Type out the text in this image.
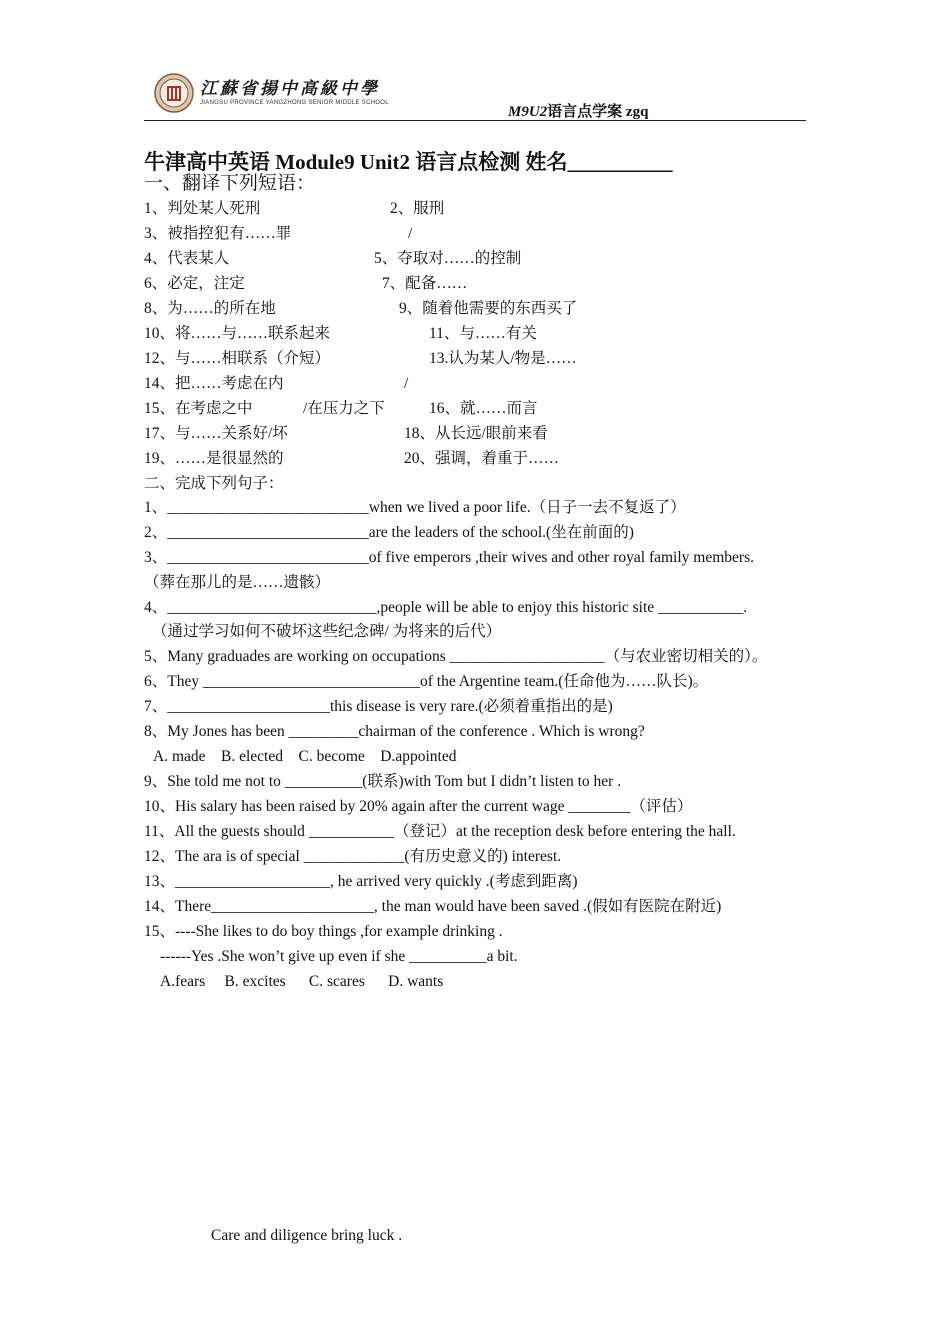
江蘇省揚中高級中學
JIANGSU PROVINCE YANGZHONG SENIOR MIDDLE SCHOOL
M9U2语言点学案 zgq
牛津高中英语 Module9 Unit2 语言点检测 姓名__________
一、翻译下列短语：
1、判处某人死刑	2、服刑
3、被指控犯有……罪	/
4、代表某人	5、夺取对……的控制
6、必定，注定	7、配备……
8、为……的所在地	9、随着他需要的东西买了
10、将……与……联系起来	11、与……有关
12、与……相联系（介短）	13.认为某人/物是……
14、把……考虑在内	/
15、在考虑之中	/在压力之下	16、就……而言
17、与……关系好/坏	18、从长远/眼前来看
19、……是很显然的	20、强调，着重于……
二、完成下列句子：
1、__________________________when we lived a poor life.（日子一去不复返了）
2、__________________________are the leaders of the school.(坐在前面的)
3、__________________________of five emperors ,their wives and other royal family members.
（葬在那儿的是……遗骸）
4、___________________________,people will be able to enjoy this historic site ___________.
（通过学习如何不破坏这些纪念碑/ 为将来的后代）
5、Many graduades are working on occupations ____________________（与农业密切相关的）。
6、They ____________________________of the Argentine team.(任命他为……队长)。
7、_____________________this disease is very rare.(必须着重指出的是)
8、My Jones has been _________chairman of the conference . Which is wrong?
A. made    B. elected    C. become    D.appointed
9、She told me not to __________(联系)with Tom but I didn’t listen to her .
10、His salary has been raised by 20% again after the current wage ________（评估）
11、All the guests should ___________（登记）at the reception desk before entering the hall.
12、The ara is of special _____________(有历史意义的) interest.
13、____________________, he arrived very quickly .(考虑到距离)
14、There_____________________, the man would have been saved .(假如有医院在附近)
15、----She likes to do boy things ,for example drinking .
------Yes .She won’t give up even if she __________a bit.
A.fears     B. excites      C. scares      D. wants
Care and diligence bring luck .
